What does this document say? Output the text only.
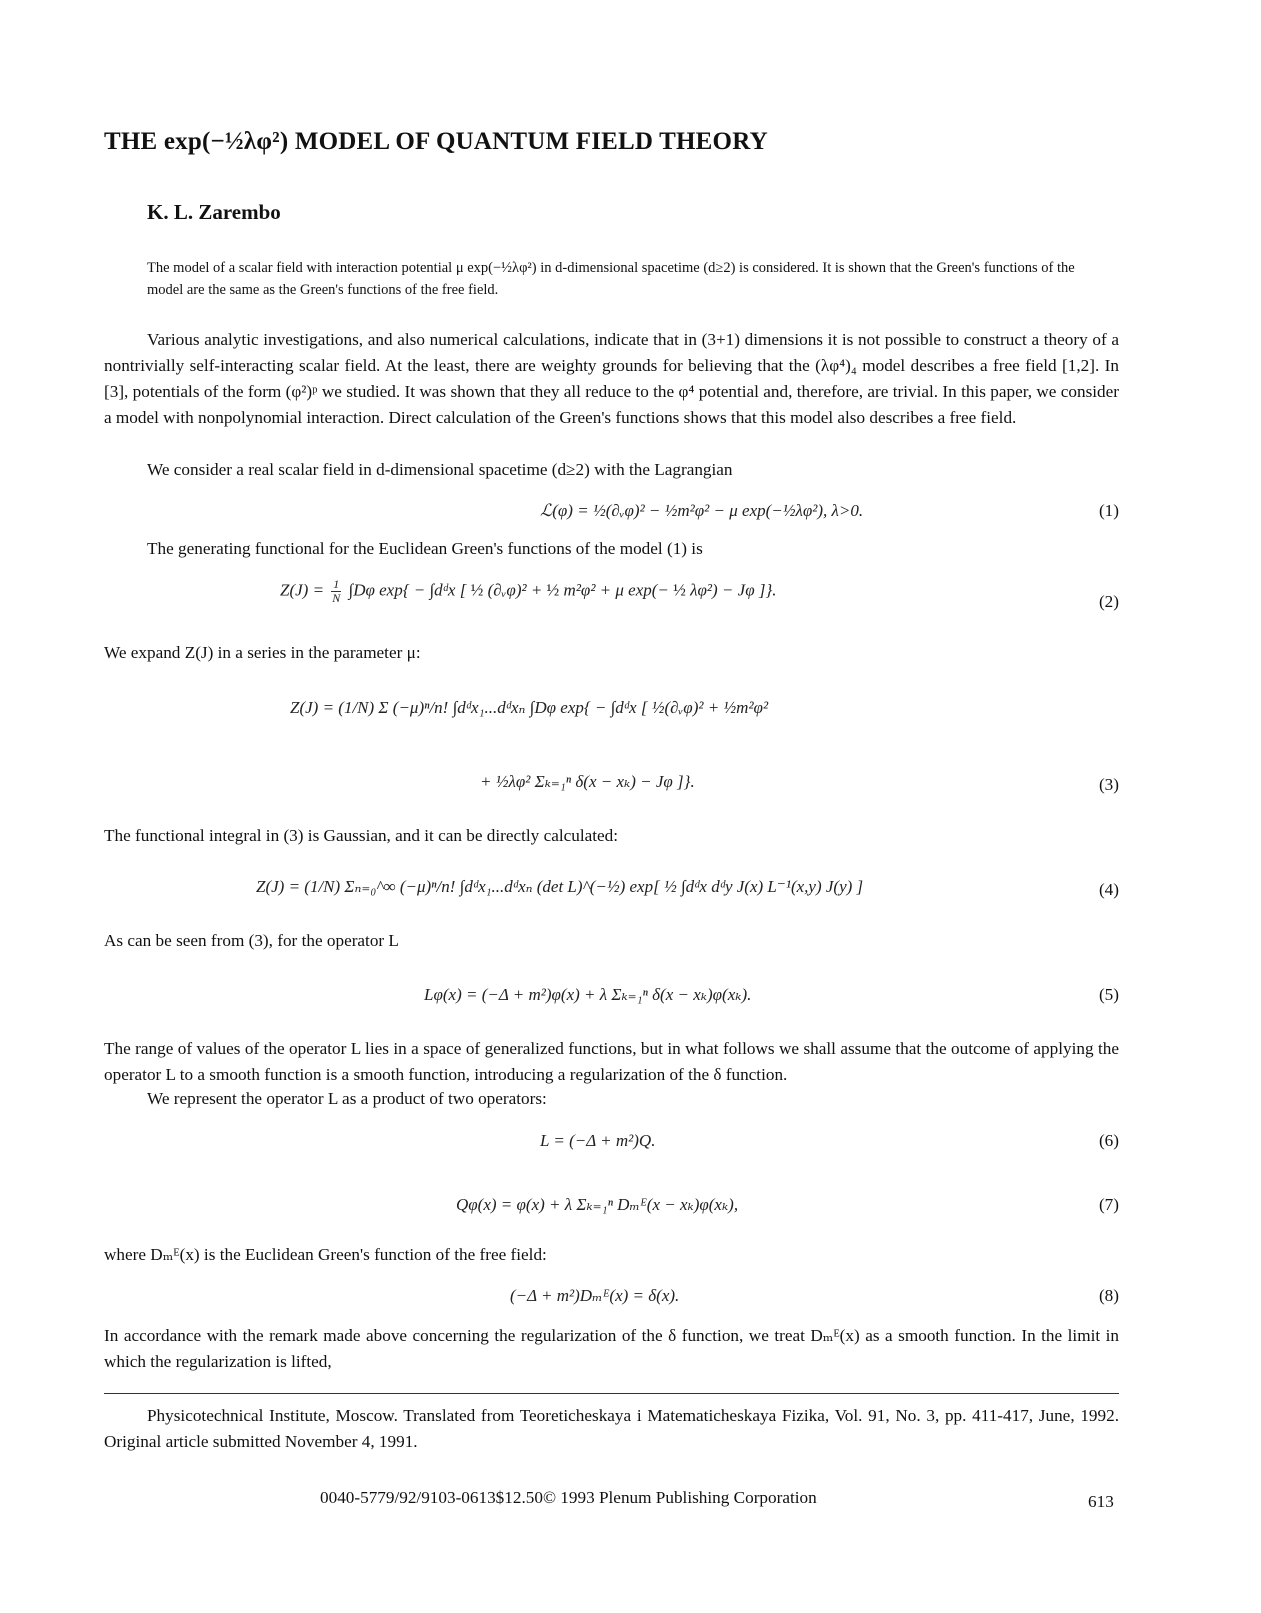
THE exp(−½λφ²) MODEL OF QUANTUM FIELD THEORY
K. L. Zarembo
The model of a scalar field with interaction potential μ exp(−½λφ²) in d-dimensional spacetime (d≥2) is considered. It is shown that the Green's functions of the model are the same as the Green's functions of the free field.
Various analytic investigations, and also numerical calculations, indicate that in (3+1) dimensions it is not possible to construct a theory of a nontrivially self-interacting scalar field. At the least, there are weighty grounds for believing that the (λφ⁴)₄ model describes a free field [1,2]. In [3], potentials of the form (φ²)ᵖ we studied. It was shown that they all reduce to the φ⁴ potential and, therefore, are trivial. In this paper, we consider a model with nonpolynomial interaction. Direct calculation of the Green's functions shows that this model also describes a free field.
We consider a real scalar field in d-dimensional spacetime (d≥2) with the Lagrangian
ℒ(φ) = ½(∂ᵥφ)² − ½m²φ² − μ exp(−½λφ²), λ>0.	(1)
The generating functional for the Euclidean Green's functions of the model (1) is
$Z(J) = \frac{1}{N} \int D\varphi$ exp{ − ∫dᵈx [ ½ (∂ᵥφ)² + ½ m²φ² + μ exp(− ½ λφ²) − Jφ ]}.
(2)
We expand Z(J) in a series in the parameter μ:
Z(J) = (1/N) Σ (−μ)ⁿ/n! ∫dᵈx₁...dᵈxₙ ∫Dφ exp{ − ∫dᵈx [ ½(∂ᵥφ)² + ½m²φ²
+ ½λφ² Σₖ₌₁ⁿ δ(x − xₖ) − Jφ ]}.	(3)
The functional integral in (3) is Gaussian, and it can be directly calculated:
Z(J) = (1/N) Σₙ₌₀^∞ (−μ)ⁿ/n! ∫dᵈx₁...dᵈxₙ (det L)^(−½) exp[ ½ ∫dᵈx dᵈy J(x) L⁻¹(x,y) J(y) ]	(4)
As can be seen from (3), for the operator L
Lφ(x) = (−Δ + m²)φ(x) + λ Σₖ₌₁ⁿ δ(x − xₖ)φ(xₖ).	(5)
The range of values of the operator L lies in a space of generalized functions, but in what follows we shall assume that the outcome of applying the operator L to a smooth function is a smooth function, introducing a regularization of the δ function.
We represent the operator L as a product of two operators:
L = (−Δ + m²)Q.	(6)
Qφ(x) = φ(x) + λ Σₖ₌₁ⁿ Dₘᴱ(x − xₖ)φ(xₖ),	(7)
where Dₘᴱ(x) is the Euclidean Green's function of the free field:
(−Δ + m²)Dₘᴱ(x) = δ(x).	(8)
In accordance with the remark made above concerning the regularization of the δ function, we treat Dₘᴱ(x) as a smooth function. In the limit in which the regularization is lifted,
Physicotechnical Institute, Moscow. Translated from Teoreticheskaya i Matematicheskaya Fizika, Vol. 91, No. 3, pp. 411-417, June, 1992. Original article submitted November 4, 1991.
0040-5779/92/9103-0613$12.50© 1993 Plenum Publishing Corporation	613
